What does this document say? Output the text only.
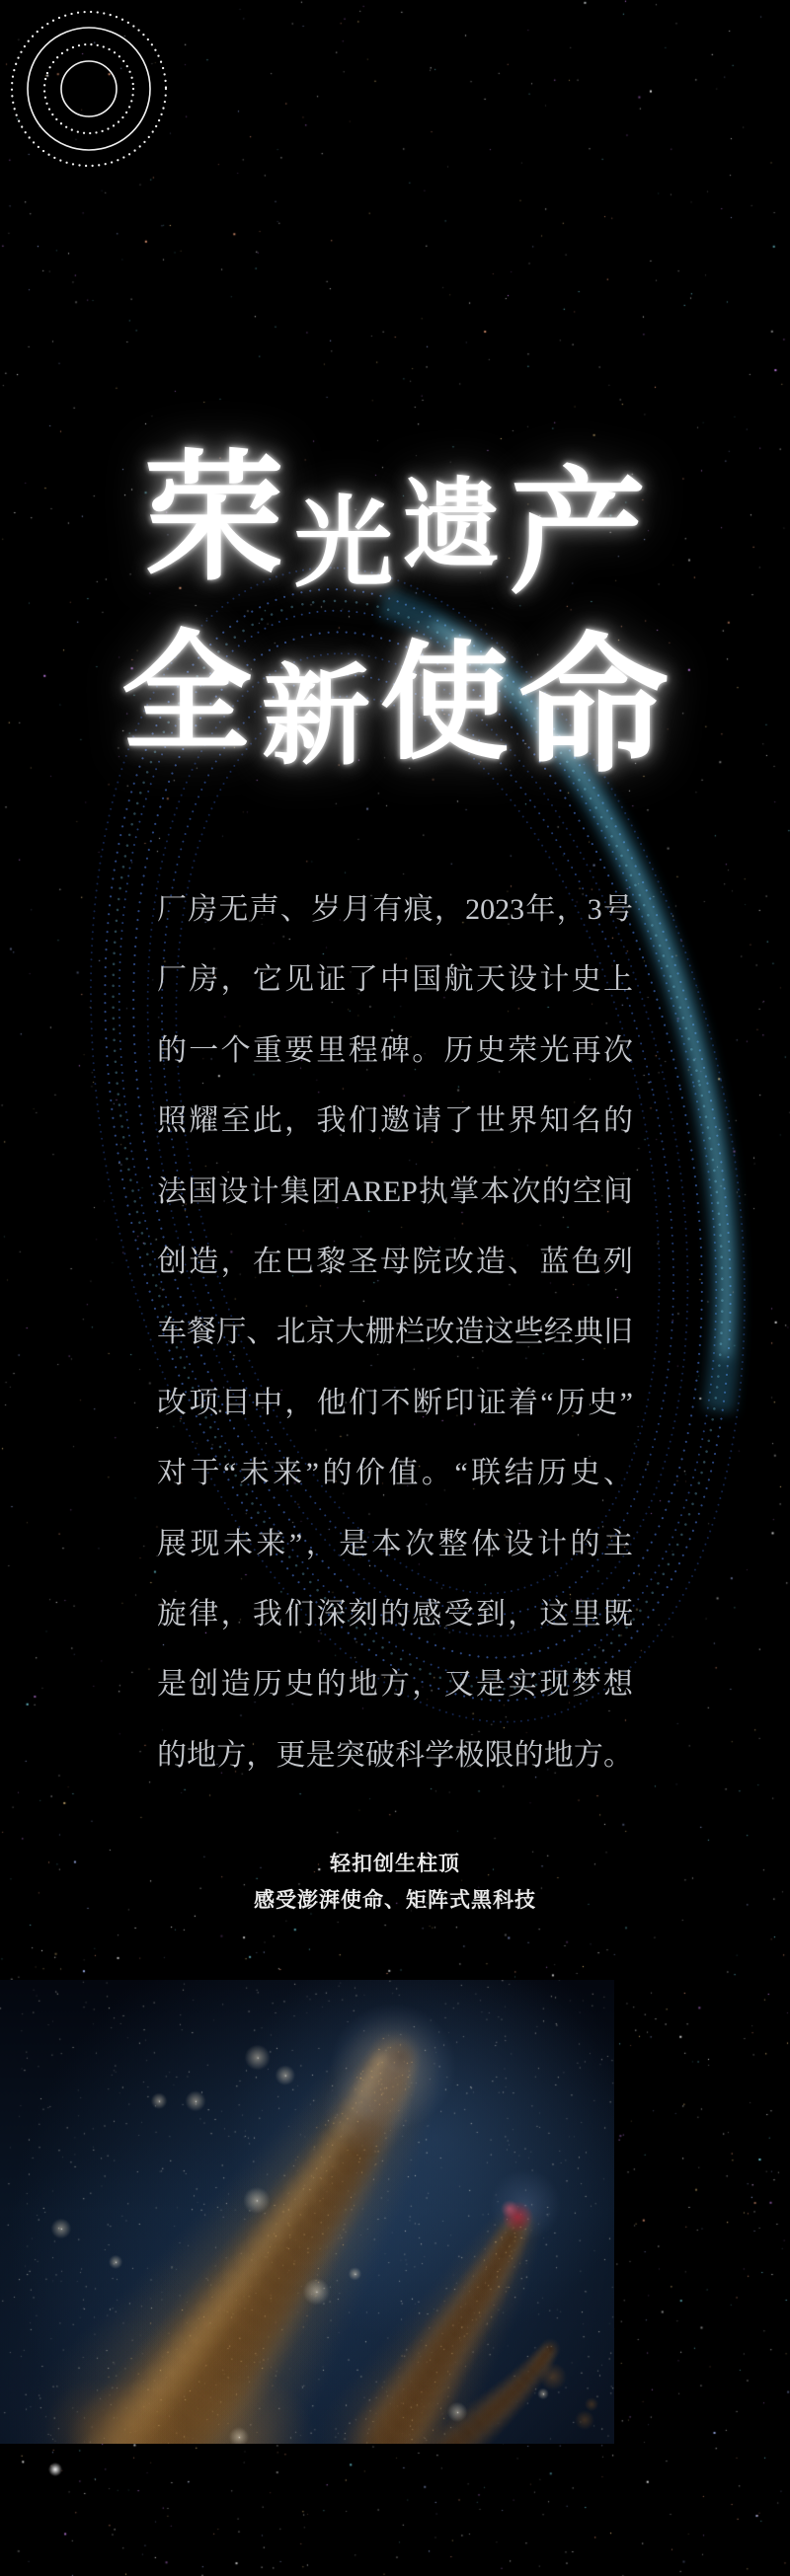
荣 光 遗 产
全 新 使 命
厂房无声、岁月有痕，2023年，3号
厂房，它见证了中国航天设计史上
的一个重要里程碑。历史荣光再次
照耀至此，我们邀请了世界知名的
法国设计集团AREP执掌本次的空间
创造，在巴黎圣母院改造、蓝色列
车餐厅、北京大栅栏改造这些经典旧
改项目中，他们不断印证着“历史”
对于“未来”的价值。“联结历史、
展现未来”，是本次整体设计的主
旋律，我们深刻的感受到，这里既
是创造历史的地方，又是实现梦想
的地方，更是突破科学极限的地方。
轻扣创生柱顶
感受澎湃使命、矩阵式黑科技
